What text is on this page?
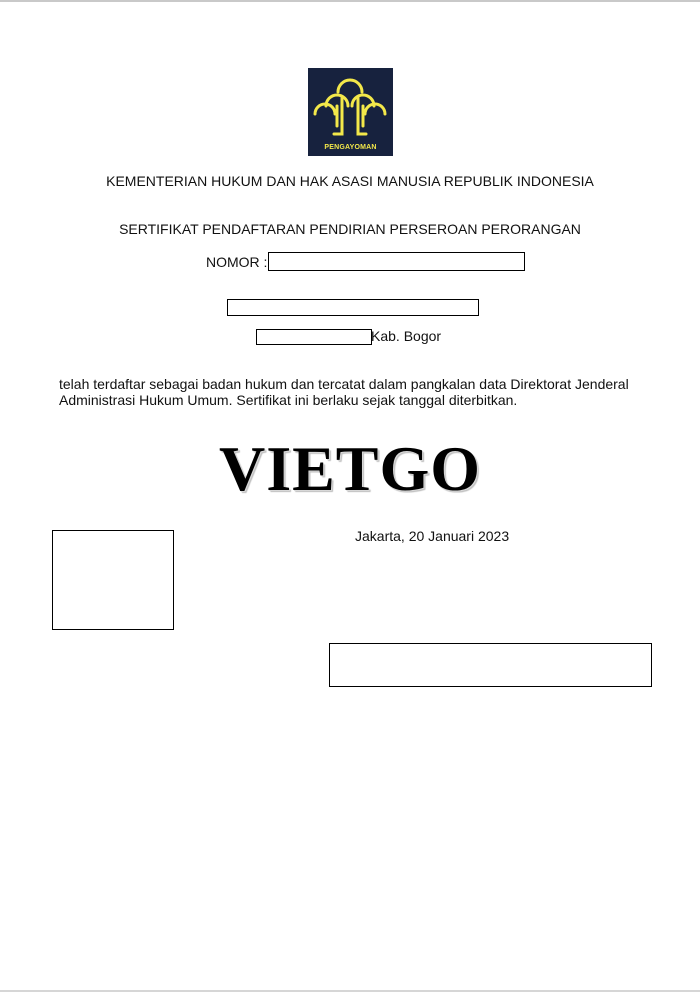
PENGAYOMAN
KEMENTERIAN HUKUM DAN HAK ASASI MANUSIA REPUBLIK INDONESIA
SERTIFIKAT PENDAFTARAN PENDIRIAN PERSEROAN PERORANGAN
NOMOR :
Kab. Bogor
telah terdaftar sebagai badan hukum dan tercatat dalam pangkalan data Direktorat Jenderal Administrasi Hukum Umum. Sertifikat ini berlaku sejak tanggal diterbitkan.
VIETGO
Jakarta, 20 Januari 2023
